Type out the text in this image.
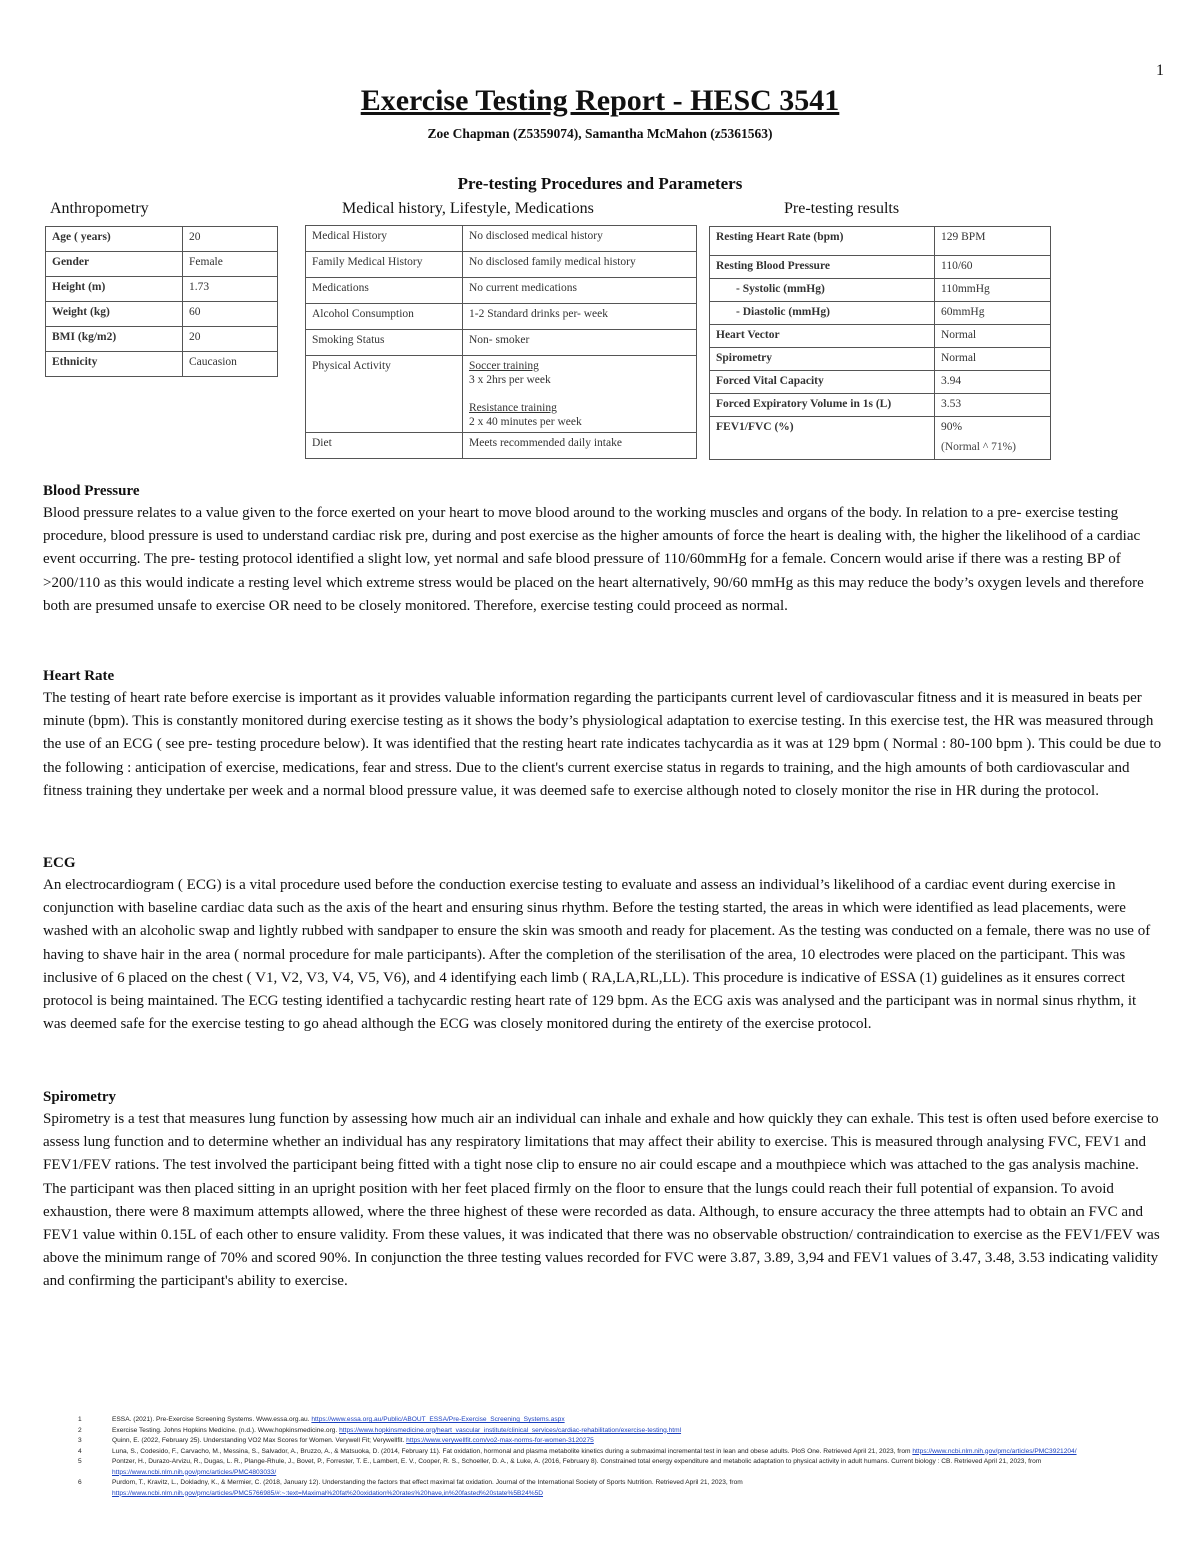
1
Exercise Testing Report - HESC 3541
Zoe Chapman (Z5359074), Samantha McMahon (z5361563)
Pre-testing Procedures and Parameters
Anthropometry	Medical history, Lifestyle, Medications	Pre-testing results
Age ( years)	20
Gender	Female
Height (m)	1.73
Weight (kg)	60
BMI (kg/m2)	20
Ethnicity	Caucasion
Medical History	No disclosed medical history
Family Medical History	No disclosed family medical history
Medications	No current medications
Alcohol Consumption	1-2 Standard drinks per- week
Smoking Status	Non- smoker
Physical Activity	Soccer training
3 x 2hrs per week
Resistance training
2 x 40 minutes per week

Diet	Meets recommended daily intake
Resting Heart Rate (bpm)	129 BPM
Resting Blood Pressure	110/60
- Systolic (mmHg)	110mmHg
- Diastolic (mmHg)	60mmHg
Heart Vector	Normal
Spirometry	Normal
Forced Vital Capacity	3.94
Forced Expiratory Volume in 1s (L)	3.53
FEV1/FVC (%)	90%
(Normal ^ 71%)
Blood Pressure

Blood pressure relates to a value given to the force exerted on your heart to move blood around to the working muscles and organs of the body. In relation to a pre- exercise testing procedure, blood pressure is used to understand cardiac risk pre, during and post exercise as the higher amounts of force the heart is dealing with, the higher the likelihood of a cardiac event occurring. The pre- testing protocol identified a slight low, yet normal and safe blood pressure of 110/60mmHg for a female. Concern would arise if there was a resting BP of >200/110 as this would indicate a resting level which extreme stress would be placed on the heart alternatively, 90/60 mmHg as this may reduce the body’s oxygen levels and therefore both are presumed unsafe to exercise OR need to be closely monitored. Therefore, exercise testing could proceed as normal.

Heart Rate

The testing of heart rate before exercise is important as it provides valuable information regarding the participants current level of cardiovascular fitness and it is measured in beats per minute (bpm). This is constantly monitored during exercise testing as it shows the body’s physiological adaptation to exercise testing. In this exercise test, the HR was measured through the use of an ECG ( see pre- testing procedure below). It was identified that the resting heart rate indicates tachycardia as it was at 129 bpm ( Normal : 80-100 bpm ). This could be due to the following : anticipation of exercise, medications, fear and stress. Due to the client's current exercise status in regards to training, and the high amounts of both cardiovascular and fitness training they undertake per week and a normal blood pressure value, it was deemed safe to exercise although noted to closely monitor the rise in HR during the protocol.

ECG

An electrocardiogram ( ECG) is a vital procedure used before the conduction exercise testing to evaluate and assess an individual’s likelihood of a cardiac event during exercise in conjunction with baseline cardiac data such as the axis of the heart and ensuring sinus rhythm. Before the testing started, the areas in which were identified as lead placements, were washed with an alcoholic swap and lightly rubbed with sandpaper to ensure the skin was smooth and ready for placement. As the testing was conducted on a female, there was no use of having to shave hair in the area ( normal procedure for male participants). After the completion of the sterilisation of the area, 10 electrodes were placed on the participant. This was inclusive of 6 placed on the chest ( V1, V2, V3, V4, V5, V6), and 4 identifying each limb ( RA,LA,RL,LL). This procedure is indicative of ESSA (1) guidelines as it ensures correct protocol is being maintained. The ECG testing identified a tachycardic resting heart rate of 129 bpm. As the ECG axis was analysed and the participant was in normal sinus rhythm, it was deemed safe for the exercise testing to go ahead although the ECG was closely monitored during the entirety of the exercise protocol.

Spirometry

Spirometry is a test that measures lung function by assessing how much air an individual can inhale and exhale and how quickly they can exhale. This test is often used before exercise to assess lung function and to determine whether an individual has any respiratory limitations that may affect their ability to exercise. This is measured through analysing FVC, FEV1 and FEV1/FEV rations. The test involved the participant being fitted with a tight nose clip to ensure no air could escape and a mouthpiece which was attached to the gas analysis machine. The participant was then placed sitting in an upright position with her feet placed firmly on the floor to ensure that the lungs could reach their full potential of expansion. To avoid exhaustion, there were 8 maximum attempts allowed, where the three highest of these were recorded as data. Although, to ensure accuracy the three attempts had to obtain an FVC and FEV1 value within 0.15L of each other to ensure validity. From these values, it was indicated that there was no observable obstruction/ contraindication to exercise as the FEV1/FEV was above the minimum range of 70% and scored 90%. In conjunction the three testing values recorded for FVC were 3.87, 3.89, 3,94 and FEV1 values of 3.47, 3.48, 3.53 indicating validity and confirming the participant's ability to exercise.

1	ESSA. (2021). Pre-Exercise Screening Systems. Www.essa.org.au. https://www.essa.org.au/Public/ABOUT_ESSA/Pre-Exercise_Screening_Systems.aspx
2	Exercise Testing. Johns Hopkins Medicine. (n.d.). Www.hopkinsmedicine.org. https://www.hopkinsmedicine.org/heart_vascular_institute/clinical_services/cardiac-rehabilitation/exercise-testing.html
3	Quinn, E. (2022, February 25). Understanding VO2 Max Scores for Women. Verywell Fit; Verywellfit. https://www.verywellfit.com/vo2-max-norms-for-women-3120275
4	Luna, S., Codesido, F., Carvacho, M., Messina, S., Salvador, A., Bruzzo, A., & Matsuoka, D. (2014, February 11). Fat oxidation, hormonal and plasma metabolite kinetics during a submaximal incremental test in lean and obese adults. PloS One. Retrieved April 21, 2023, from https://www.ncbi.nlm.nih.gov/pmc/articles/PMC3921204/
5	Pontzer, H., Durazo-Arvizu, R., Dugas, L. R., Plange-Rhule, J., Bovet, P., Forrester, T. E., Lambert, E. V., Cooper, R. S., Schoeller, D. A., & Luke, A. (2016, February 8). Constrained total energy expenditure and metabolic adaptation to physical activity in adult humans. Current biology : CB. Retrieved April 21, 2023, from https://www.ncbi.nlm.nih.gov/pmc/articles/PMC4803033/
6	Purdom, T., Kravitz, L., Dokladny, K., & Mermier, C. (2018, January 12). Understanding the factors that effect maximal fat oxidation. Journal of the International Society of Sports Nutrition. Retrieved April 21, 2023, from https://www.ncbi.nlm.nih.gov/pmc/articles/PMC5766985/#:~:text=Maximal%20fat%20oxidation%20rates%20have,in%20fasted%20state%5B24%5D
